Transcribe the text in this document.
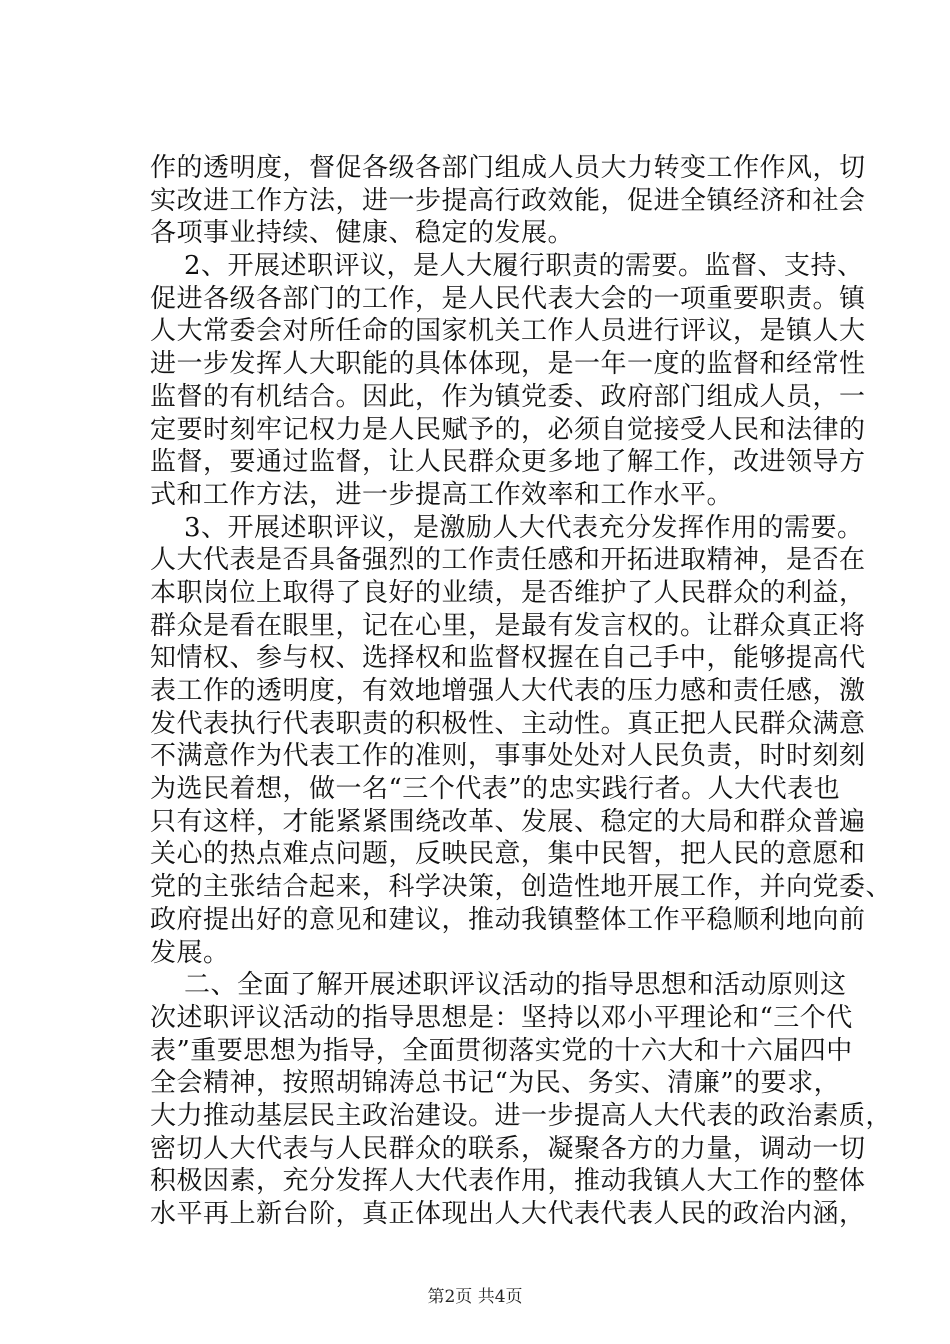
作的透明度，督促各级各部门组成人员大力转变工作作风，切
实改进工作方法，进一步提高行政效能，促进全镇经济和社会
各项事业持续、健康、稳定的发展。
2、开展述职评议，是人大履行职责的需要。监督、支持、
促进各级各部门的工作，是人民代表大会的一项重要职责。镇
人大常委会对所任命的国家机关工作人员进行评议，是镇人大
进一步发挥人大职能的具体体现，是一年一度的监督和经常性
监督的有机结合。因此，作为镇党委、政府部门组成人员，一
定要时刻牢记权力是人民赋予的，必须自觉接受人民和法律的
监督，要通过监督，让人民群众更多地了解工作，改进领导方
式和工作方法，进一步提高工作效率和工作水平。
3、开展述职评议，是激励人大代表充分发挥作用的需要。
人大代表是否具备强烈的工作责任感和开拓进取精神，是否在
本职岗位上取得了良好的业绩，是否维护了人民群众的利益，
群众是看在眼里，记在心里，是最有发言权的。让群众真正将
知情权、参与权、选择权和监督权握在自己手中，能够提高代
表工作的透明度，有效地增强人大代表的压力感和责任感，激
发代表执行代表职责的积极性、主动性。真正把人民群众满意
不满意作为代表工作的准则，事事处处对人民负责，时时刻刻
为选民着想，做一名“三个代表”的忠实践行者。人大代表也
只有这样，才能紧紧围绕改革、发展、稳定的大局和群众普遍
关心的热点难点问题，反映民意，集中民智，把人民的意愿和
党的主张结合起来，科学决策，创造性地开展工作，并向党委、
政府提出好的意见和建议，推动我镇整体工作平稳顺利地向前
发展。
二、全面了解开展述职评议活动的指导思想和活动原则这
次述职评议活动的指导思想是：坚持以邓小平理论和“三个代
表”重要思想为指导，全面贯彻落实党的十六大和十六届四中
全会精神，按照胡锦涛总书记“为民、务实、清廉”的要求，
大力推动基层民主政治建设。进一步提高人大代表的政治素质，
密切人大代表与人民群众的联系，凝聚各方的力量，调动一切
积极因素，充分发挥人大代表作用，推动我镇人大工作的整体
水平再上新台阶，真正体现出人大代表代表人民的政治内涵，
第2页 共4页
